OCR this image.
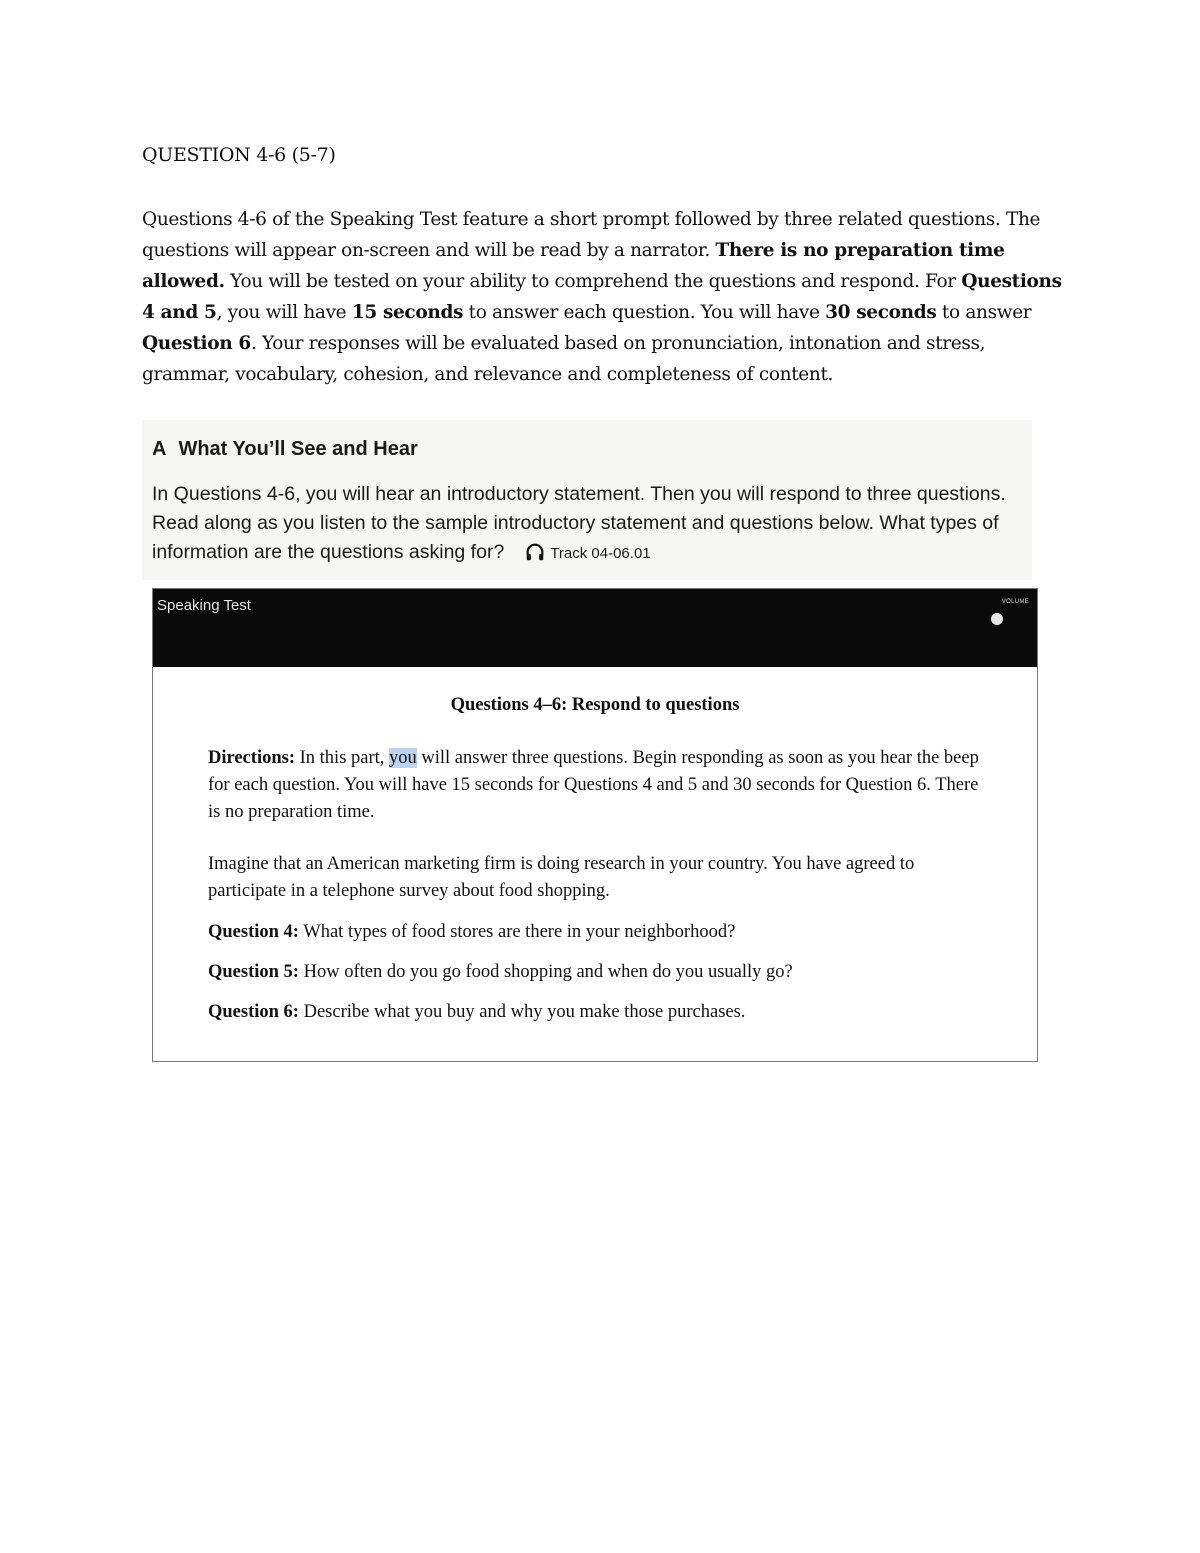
QUESTION 4-6 (5-7)

Questions 4-6 of the Speaking Test feature a short prompt followed by three related questions. The questions will appear on-screen and will be read by a narrator. There is no preparation time allowed. You will be tested on your ability to comprehend the questions and respond. For Questions 4 and 5, you will have 15 seconds to answer each question. You will have 30 seconds to answer Question 6. Your responses will be evaluated based on pronunciation, intonation and stress, grammar, vocabulary, cohesion, and relevance and completeness of content.

A What You’ll See and Hear

In Questions 4-6, you will hear an introductory statement. Then you will respond to three questions. Read along as you listen to the sample introductory statement and questions below. What types of information are the questions asking for?	Track 04-06.01

Speaking Test	VOLUME
Questions 4–6: Respond to questions

Directions: In this part, you will answer three questions. Begin responding as soon as you hear the beep for each question. You will have 15 seconds for Questions 4 and 5 and 30 seconds for Question 6. There is no preparation time.

Imagine that an American marketing firm is doing research in your country. You have agreed to participate in a telephone survey about food shopping.

Question 4: What types of food stores are there in your neighborhood?

Question 5: How often do you go food shopping and when do you usually go?

Question 6: Describe what you buy and why you make those purchases.
